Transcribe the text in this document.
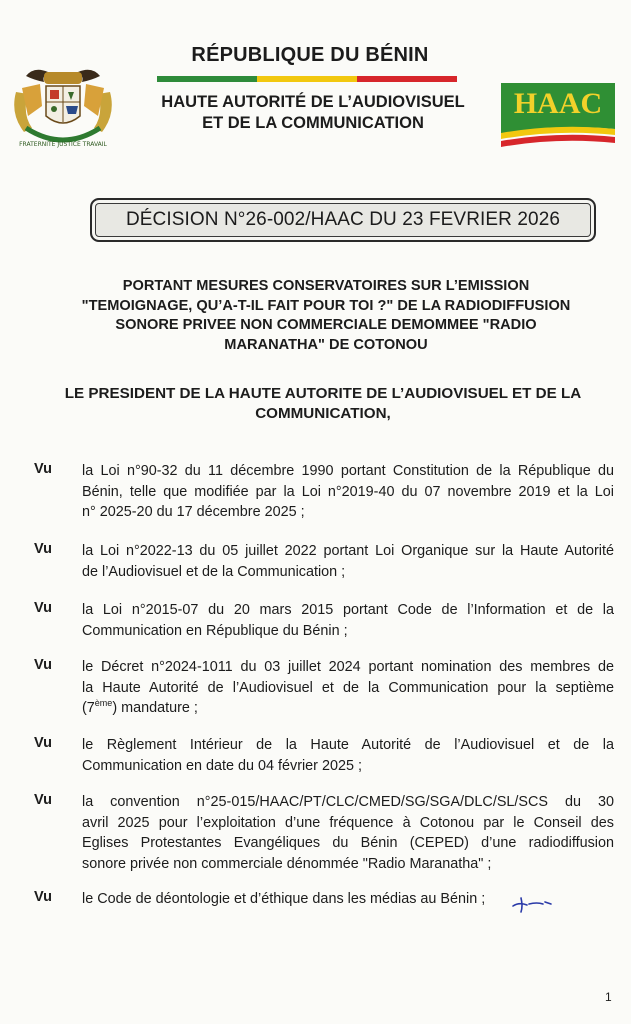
FRATERNITE JUSTICE TRAVAIL
RÉPUBLIQUE DU BÉNIN
HAUTE AUTORITÉ DE L’AUDIOVISUEL
ET DE LA COMMUNICATION
HAAC
DÉCISION N°26-002/HAAC DU 23 FEVRIER 2026
PORTANT MESURES CONSERVATOIRES SUR L’EMISSION
"TEMOIGNAGE, QU’A-T-IL FAIT POUR TOI ?" DE LA RADIODIFFUSION
SONORE PRIVEE NON COMMERCIALE DEMOMMEE "RADIO
MARANATHA" DE COTONOU
LE PRESIDENT DE LA HAUTE AUTORITE DE L’AUDIOVISUEL ET DE LA
COMMUNICATION,
Vu la Loi n°90-32 du 11 décembre 1990 portant Constitution de la République du
Bénin, telle que modifiée par la Loi n°2019-40 du 07 novembre 2019 et la Loi
n° 2025-20 du 17 décembre 2025 ;
Vu la Loi n°2022-13 du 05 juillet 2022 portant Loi Organique sur la Haute Autorité
de l’Audiovisuel et de la Communication ;
Vu la Loi n°2015-07 du 20 mars 2015 portant Code de l’Information et de la
Communication en République du Bénin ;
Vu le Décret n°2024-1011 du 03 juillet 2024 portant nomination des membres de
la Haute Autorité de l’Audiovisuel et de la Communication pour la septième
(7ème) mandature ;
Vu le Règlement Intérieur de la Haute Autorité de l’Audiovisuel et de la
Communication en date du 04 février 2025 ;
Vu la convention n°25-015/HAAC/PT/CLC/CMED/SG/SGA/DLC/SL/SCS du 30
avril 2025 pour l’exploitation d’une fréquence à Cotonou par le Conseil des
Eglises Protestantes Evangéliques du Bénin (CEPED) d’une radiodiffusion
sonore privée non commerciale dénommée "Radio Maranatha" ;
Vu le Code de déontologie et d’éthique dans les médias au Bénin ;
1
